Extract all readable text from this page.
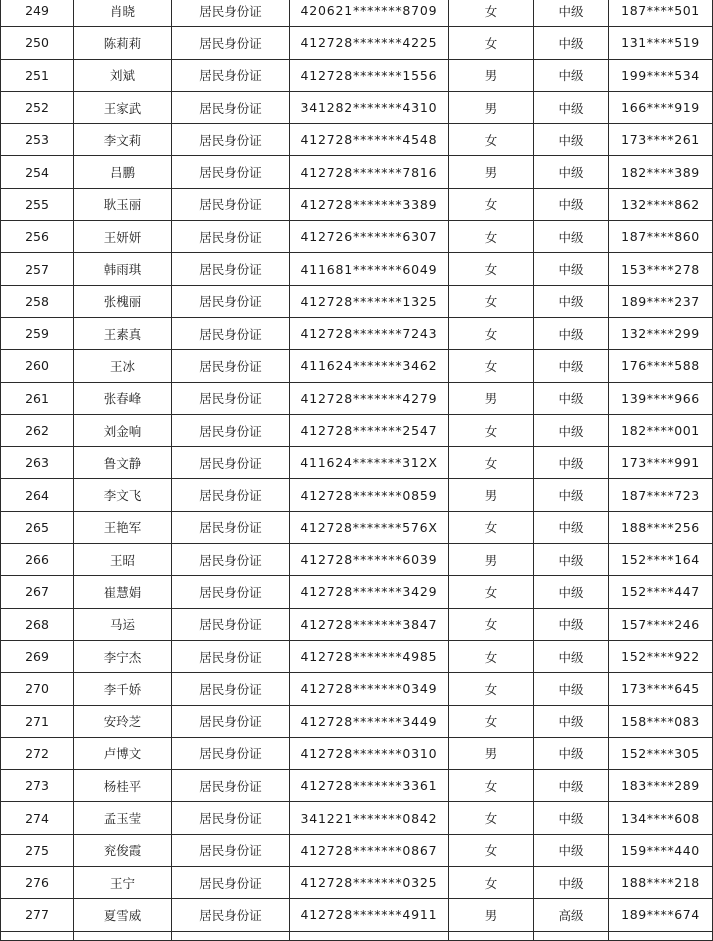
249	肖晓	居民身份证	420621*******8709	女	中级	187****501
250	陈莉莉	居民身份证	412728*******4225	女	中级	131****519
251	刘斌	居民身份证	412728*******1556	男	中级	199****534
252	王家武	居民身份证	341282*******4310	男	中级	166****919
253	李文莉	居民身份证	412728*******4548	女	中级	173****261
254	吕鹏	居民身份证	412728*******7816	男	中级	182****389
255	耿玉丽	居民身份证	412728*******3389	女	中级	132****862
256	王妍妍	居民身份证	412726*******6307	女	中级	187****860
257	韩雨琪	居民身份证	411681*******6049	女	中级	153****278
258	张槐丽	居民身份证	412728*******1325	女	中级	189****237
259	王素真	居民身份证	412728*******7243	女	中级	132****299
260	王冰	居民身份证	411624*******3462	女	中级	176****588
261	张春峰	居民身份证	412728*******4279	男	中级	139****966
262	刘金响	居民身份证	412728*******2547	女	中级	182****001
263	鲁文静	居民身份证	411624*******312X	女	中级	173****991
264	李文飞	居民身份证	412728*******0859	男	中级	187****723
265	王艳军	居民身份证	412728*******576X	女	中级	188****256
266	王昭	居民身份证	412728*******6039	男	中级	152****164
267	崔慧娟	居民身份证	412728*******3429	女	中级	152****447
268	马运	居民身份证	412728*******3847	女	中级	157****246
269	李宁杰	居民身份证	412728*******4985	女	中级	152****922
270	李千娇	居民身份证	412728*******0349	女	中级	173****645
271	安玲芝	居民身份证	412728*******3449	女	中级	158****083
272	卢博文	居民身份证	412728*******0310	男	中级	152****305
273	杨桂平	居民身份证	412728*******3361	女	中级	183****289
274	孟玉莹	居民身份证	341221*******0842	女	中级	134****608
275	兖俊霞	居民身份证	412728*******0867	女	中级	159****440
276	王宁	居民身份证	412728*******0325	女	中级	188****218
277	夏雪威	居民身份证	412728*******4911	男	高级	189****674
